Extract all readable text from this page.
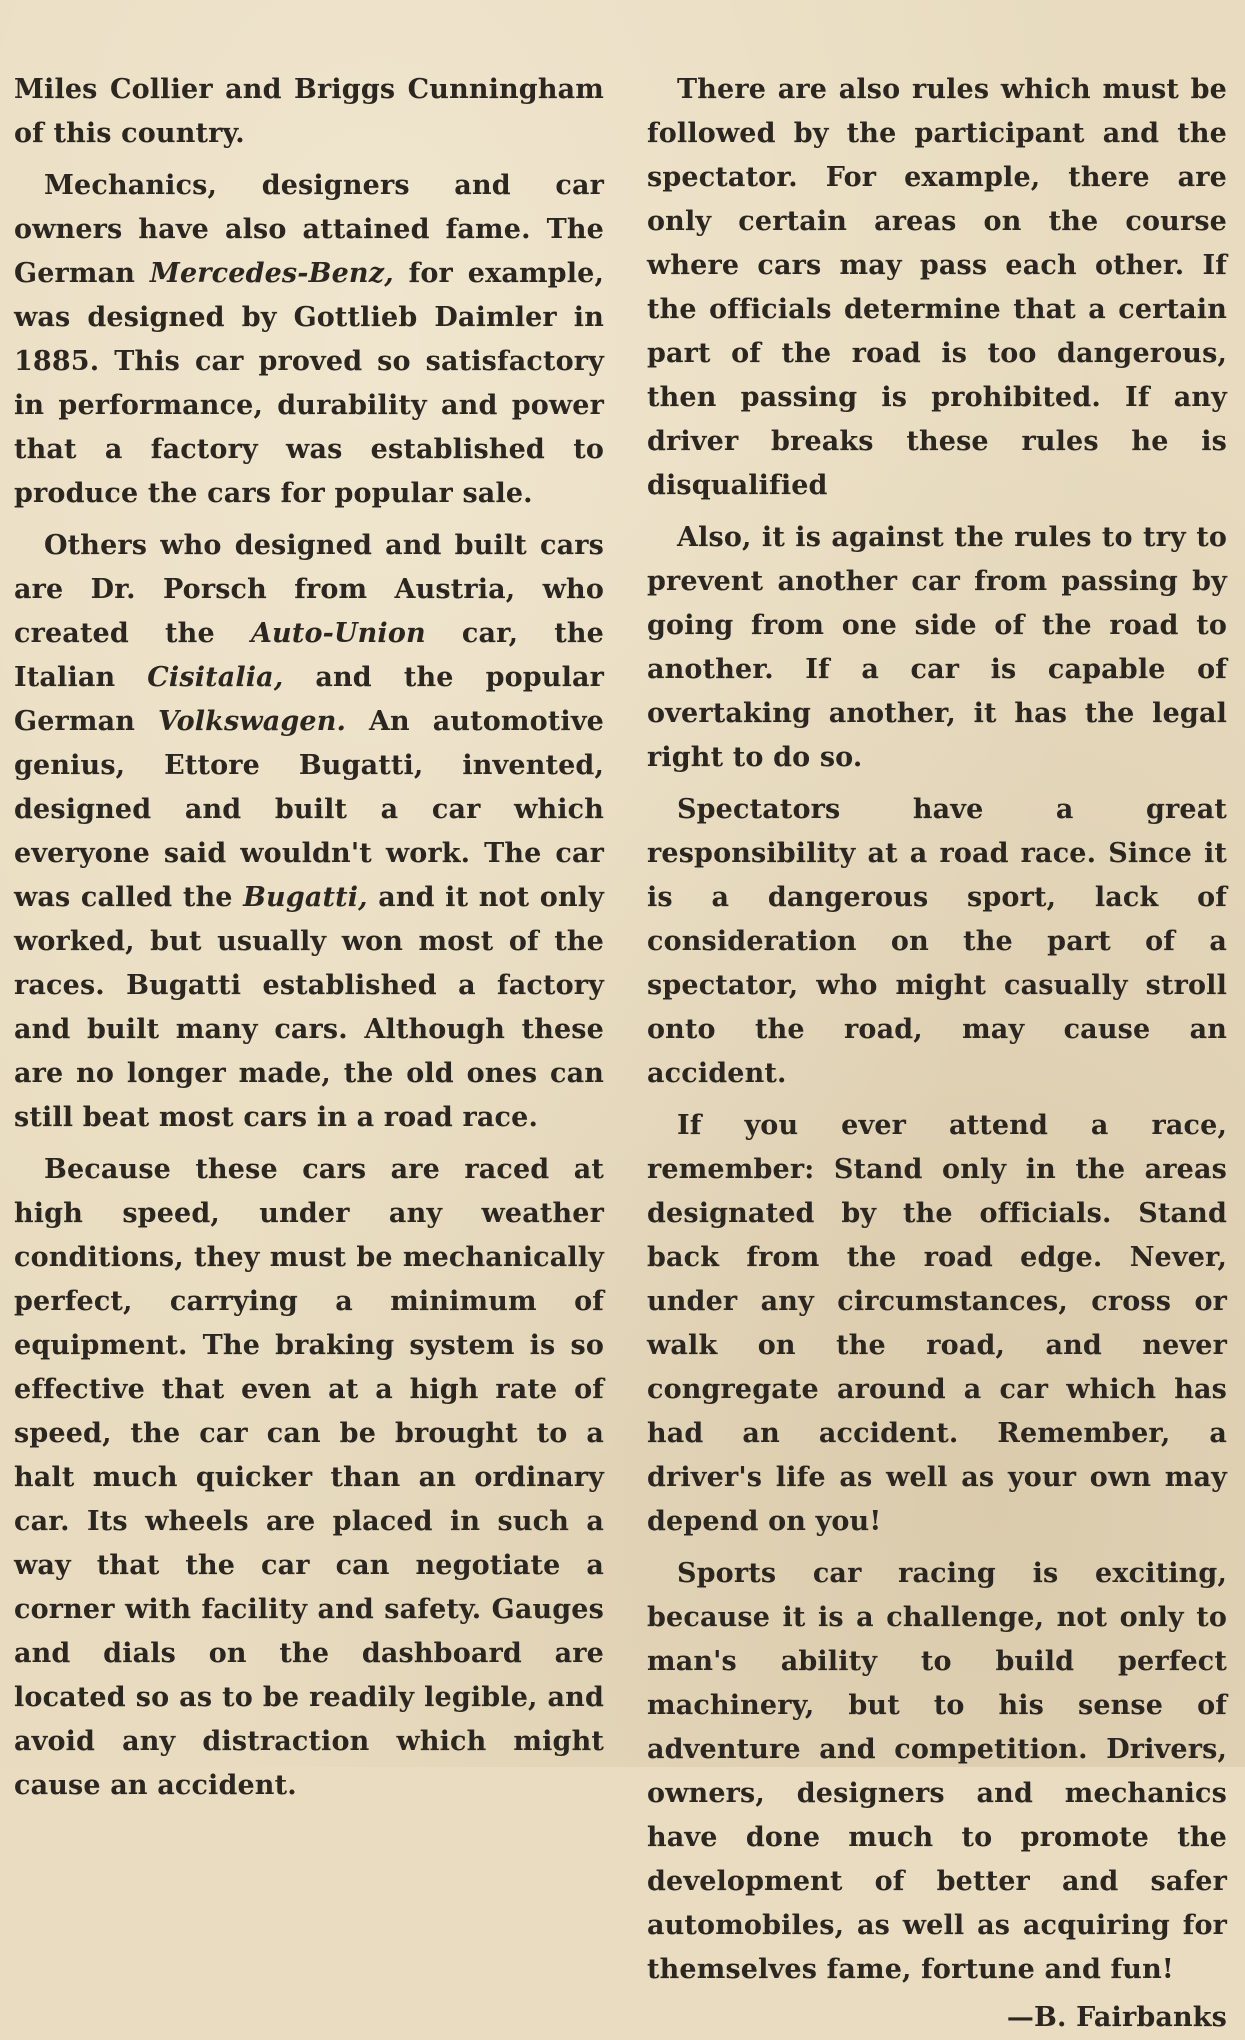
Miles Collier and Briggs Cunningham of this country.

Mechanics, designers and car owners have also attained fame. The German Mercedes-Benz, for example, was designed by Gottlieb Daimler in 1885. This car proved so satisfactory in performance, durability and power that a factory was established to produce the cars for popular sale.

Others who designed and built cars are Dr. Porsch from Austria, who created the Auto-Union car, the Italian Cisitalia, and the popular German Volkswagen. An automotive genius, Ettore Bugatti, invented, designed and built a car which everyone said wouldn't work. The car was called the Bugatti, and it not only worked, but usually won most of the races. Bugatti established a factory and built many cars. Although these are no longer made, the old ones can still beat most cars in a road race.

Because these cars are raced at high speed, under any weather conditions, they must be mechanically perfect, carrying a minimum of equipment. The braking system is so effective that even at a high rate of speed, the car can be brought to a halt much quicker than an ordinary car. Its wheels are placed in such a way that the car can negotiate a corner with facility and safety. Gauges and dials on the dashboard are located so as to be readily legible, and avoid any distraction which might cause an accident.

There are also rules which must be followed by the participant and the spectator. For example, there are only certain areas on the course where cars may pass each other. If the officials determine that a certain part of the road is too dangerous, then passing is prohibited. If any driver breaks these rules he is disqualified

Also, it is against the rules to try to prevent another car from passing by going from one side of the road to another. If a car is capable of overtaking another, it has the legal right to do so.

Spectators have a great responsibility at a road race. Since it is a dangerous sport, lack of consideration on the part of a spectator, who might casually stroll onto the road, may cause an accident.

If you ever attend a race, remember: Stand only in the areas designated by the officials. Stand back from the road edge. Never, under any circumstances, cross or walk on the road, and never congregate around a car which has had an accident. Remember, a driver's life as well as your own may depend on you!

Sports car racing is exciting, because it is a challenge, not only to man's ability to build perfect machinery, but to his sense of adventure and competition. Drivers, owners, designers and mechanics have done much to promote the development of better and safer automobiles, as well as acquiring for themselves fame, fortune and fun!

—B. Fairbanks
